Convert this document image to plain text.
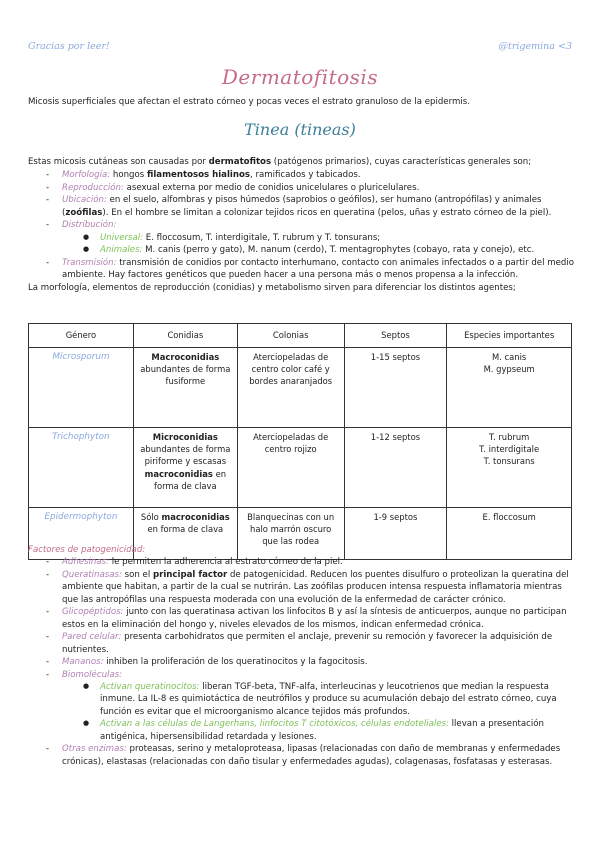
Gracias por leer!	@trigemina <3
Dermatofitosis

Micosis superficiales que afectan el estrato córneo y pocas veces el estrato granuloso de la epidermis.

Tinea (tineas)

Estas micosis cutáneas son causadas por dermatofitos (patógenos primarios), cuyas características generales son;

- Morfología: hongos filamentosos hialinos, ramificados y tabicados.
- Reproducción: asexual externa por medio de conidios unicelulares o pluricelulares.
- Ubicación: en el suelo, alfombras y pisos húmedos (saprobios o geófilos), ser humano (antropófilas) y animales (zoófilas). En el hombre se limitan a colonizar tejidos ricos en queratina (pelos, uñas y estrato córneo de la piel).
- Distribución:
● Universal: E. floccosum, T. interdigitale, T. rubrum y T. tonsurans;
● Animales: M. canis (perro y gato), M. nanum (cerdo), T. mentagrophytes (cobayo, rata y conejo), etc.
- Transmisión: transmisión de conidios por contacto interhumano, contacto con animales infectados o a partir del medio ambiente. Hay factores genéticos que pueden hacer a una persona más o menos propensa a la infección.

La morfología, elementos de reproducción (conidias) y metabolismo sirven para diferenciar los distintos agentes;

Género	Conidias	Colonias	Septos	Especies importantes
Microsporum	Macroconidias abundantes de forma fusiforme	Aterciopeladas de centro color café y bordes anaranjados	1-15 septos	M. canis
M. gypseum

Trichophyton	Microconidias abundantes de forma piriforme y escasas macroconidias en forma de clava	Aterciopeladas de centro rojizo	1-12 septos	T. rubrum
T. interdigitale
T. tonsurans

Epidermophyton	Sólo macroconidias en forma de clava	Blanquecinas con un halo marrón oscuro que las rodea	1-9 septos	E. floccosum

Factores de patogenicidad:

- Adhesinas: le permiten la adherencia al estrato córneo de la piel.
- Queratinasas: son el principal factor de patogenicidad. Reducen los puentes disulfuro o proteolizan la queratina del ambiente que habitan, a partir de la cual se nutrirán. Las zoófilas producen intensa respuesta inflamatoria mientras que las antropófilas una respuesta moderada con una evolución de la enfermedad de carácter crónico.
- Glicopéptidos: junto con las queratinasa activan los linfocitos B y así la síntesis de anticuerpos, aunque no participan estos en la eliminación del hongo y, niveles elevados de los mismos, indican enfermedad crónica.
- Pared celular: presenta carbohidratos que permiten el anclaje, prevenir su remoción y favorecer la adquisición de nutrientes.
- Mananos: inhiben la proliferación de los queratinocitos y la fagocitosis.
- Biomoléculas:
● Activan queratinocitos: liberan TGF-beta, TNF-alfa, interleucinas y leucotrienos que median la respuesta inmune. La IL-8 es quimiotáctica de neutrófilos y produce su acumulación debajo del estrato córneo, cuya función es evitar que el microorganismo alcance tejidos más profundos.
● Activan a las células de Langerhans, linfocitos T citotóxicos, células endoteliales: llevan a presentación antigénica, hipersensibilidad retardada y lesiones.
- Otras enzimas: proteasas, serino y metaloproteasa, lipasas (relacionadas con daño de membranas y enfermedades crónicas), elastasas (relacionadas con daño tisular y enfermedades agudas), colagenasas, fosfatasas y esterasas.
